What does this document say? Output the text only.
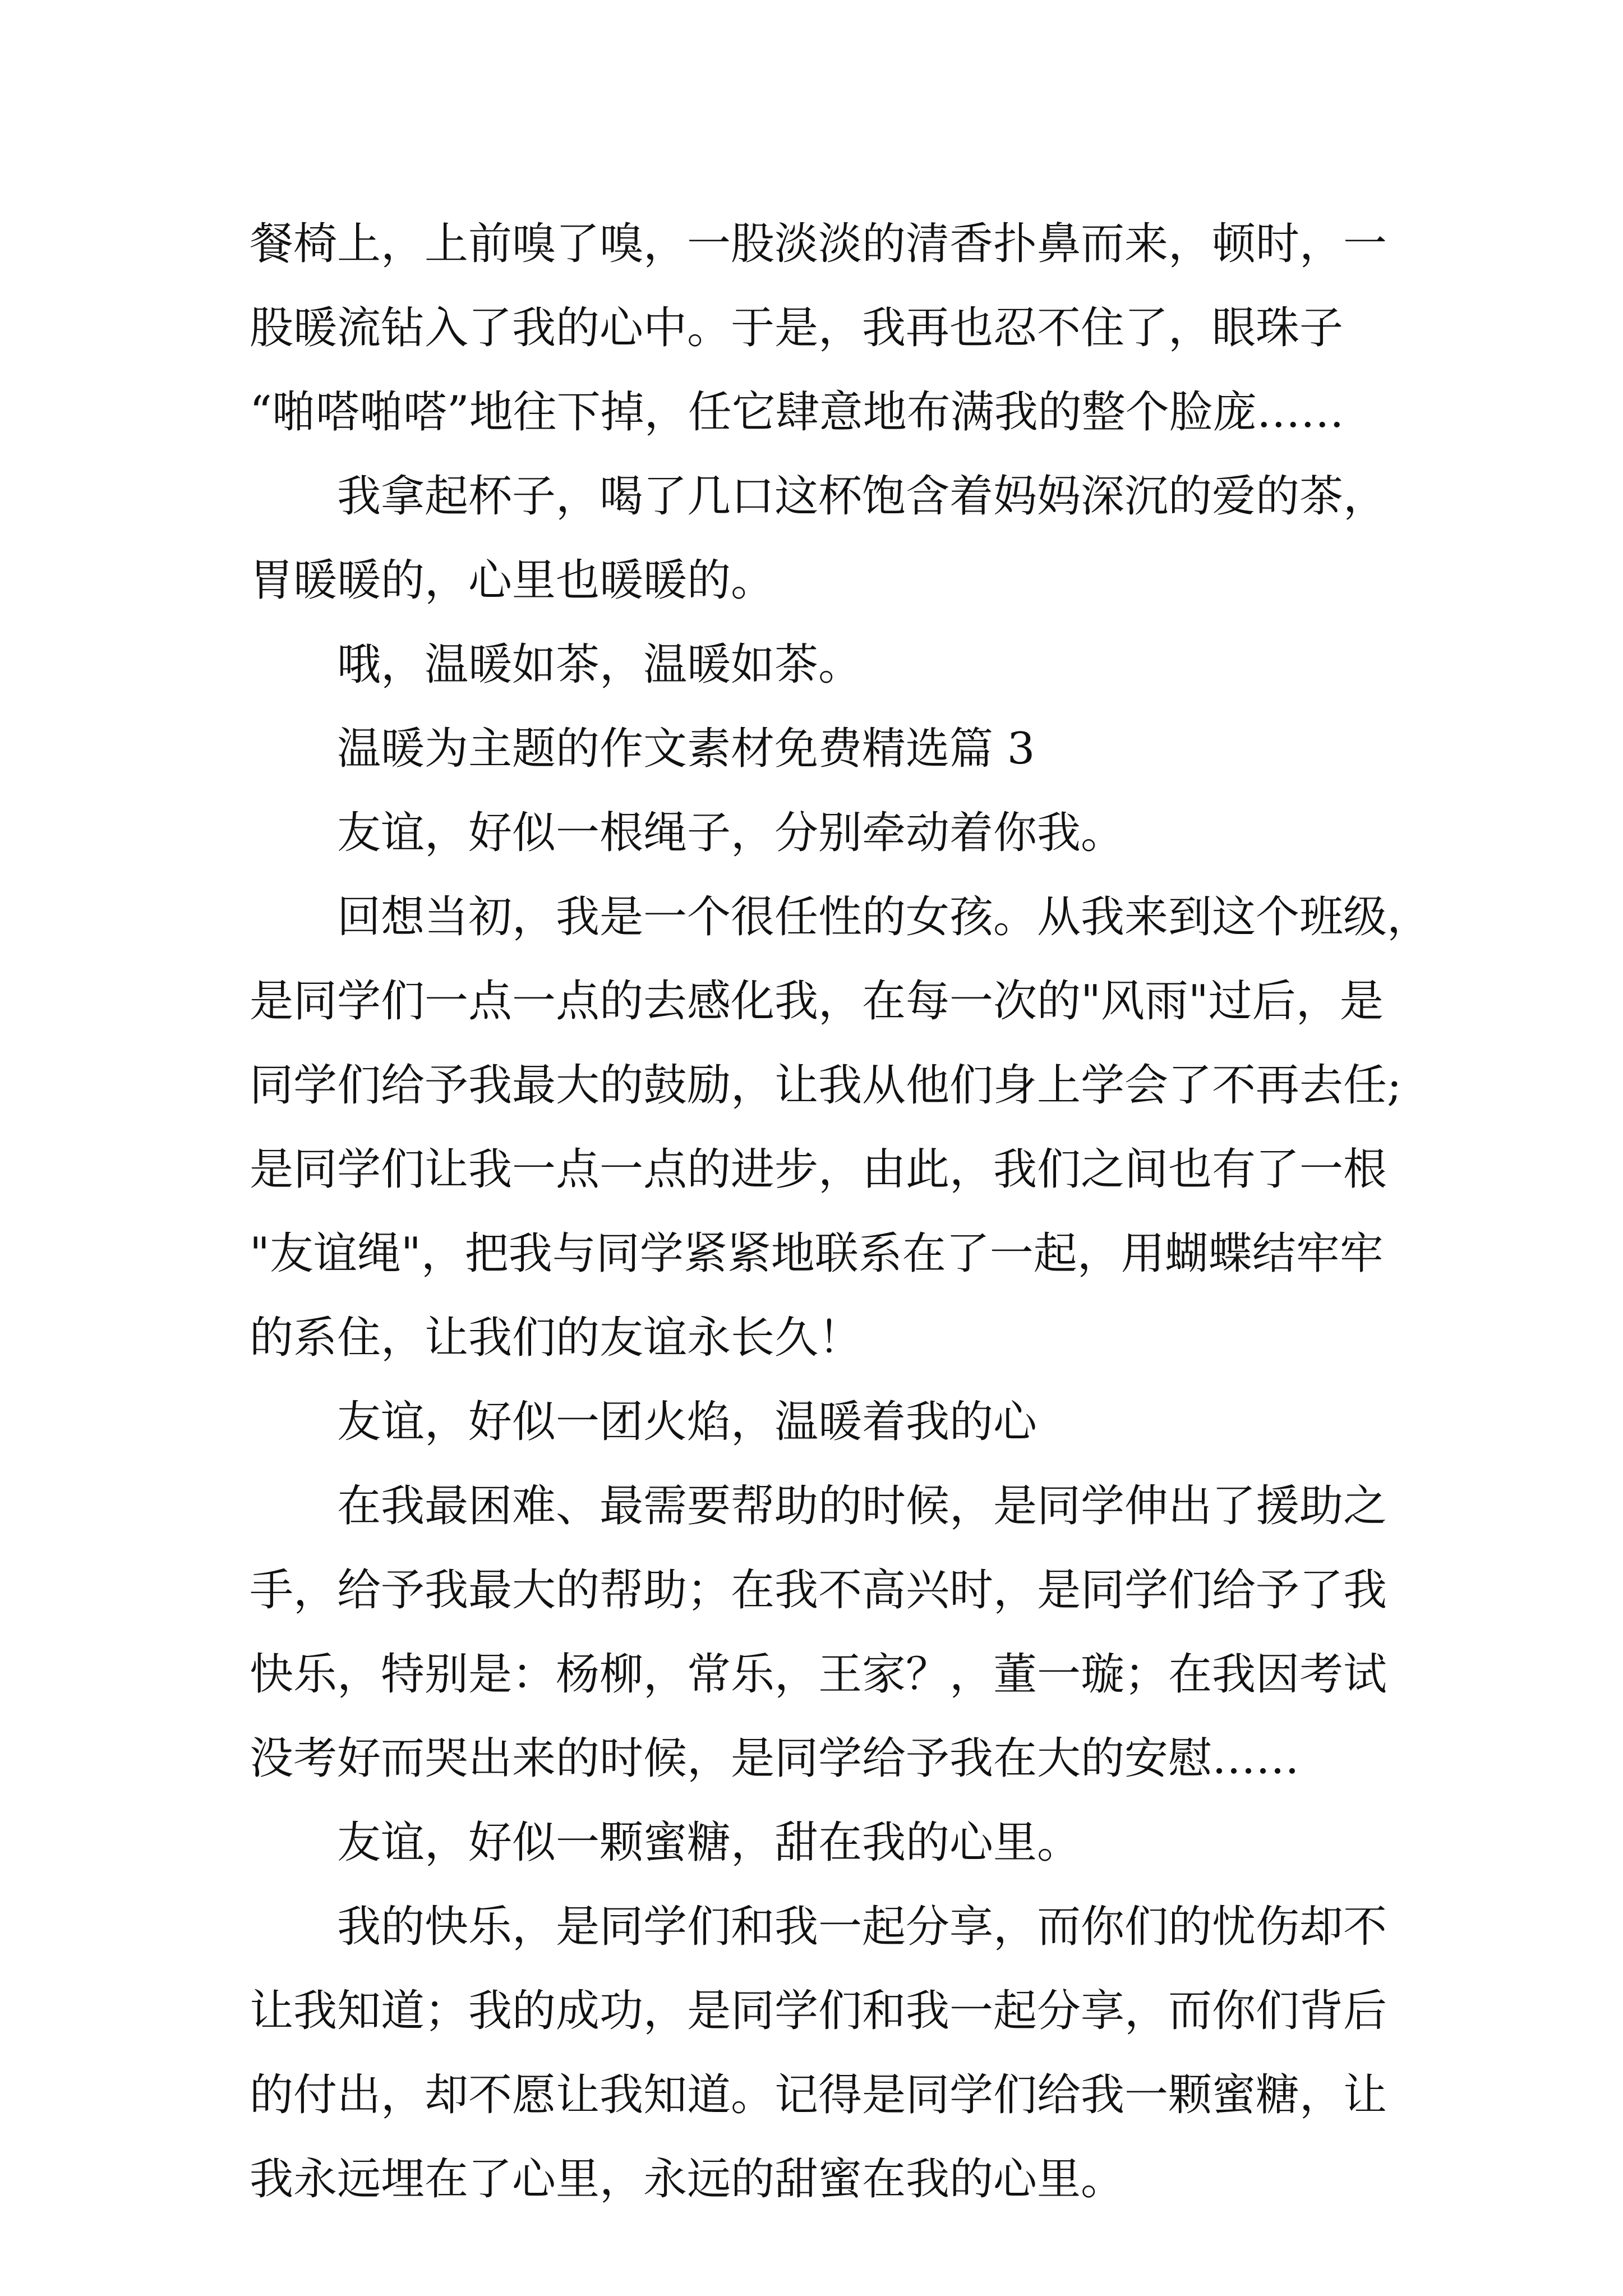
餐椅上，上前嗅了嗅，一股淡淡的清香扑鼻而来，顿时，一
股暖流钻入了我的心中。于是，我再也忍不住了，眼珠子
“啪嗒啪嗒”地往下掉，任它肆意地布满我的整个脸庞……
　　我拿起杯子，喝了几口这杯饱含着妈妈深沉的爱的茶，
胃暖暖的，心里也暖暖的。
　　哦，温暖如茶，温暖如茶。
　　温暖为主题的作文素材免费精选篇 3
　　友谊，好似一根绳子，分别牵动着你我。
　　回想当初，我是一个很任性的女孩。从我来到这个班级，
是同学们一点一点的去感化我，在每一次的"风雨"过后，是
同学们给予我最大的鼓励，让我从他们身上学会了不再去任;
是同学们让我一点一点的进步，由此，我们之间也有了一根
"友谊绳"，把我与同学紧紧地联系在了一起，用蝴蝶结牢牢
的系住，让我们的友谊永长久！
　　友谊，好似一团火焰，温暖着我的心
　　在我最困难、最需要帮助的时候，是同学伸出了援助之
手，给予我最大的帮助；在我不高兴时，是同学们给予了我
快乐，特别是：杨柳，常乐，王家？，董一璇；在我因考试
没考好而哭出来的时候，是同学给予我在大的安慰……
　　友谊，好似一颗蜜糖，甜在我的心里。
　　我的快乐，是同学们和我一起分享，而你们的忧伤却不
让我知道；我的成功，是同学们和我一起分享，而你们背后
的付出，却不愿让我知道。记得是同学们给我一颗蜜糖，让
我永远埋在了心里，永远的甜蜜在我的心里。
